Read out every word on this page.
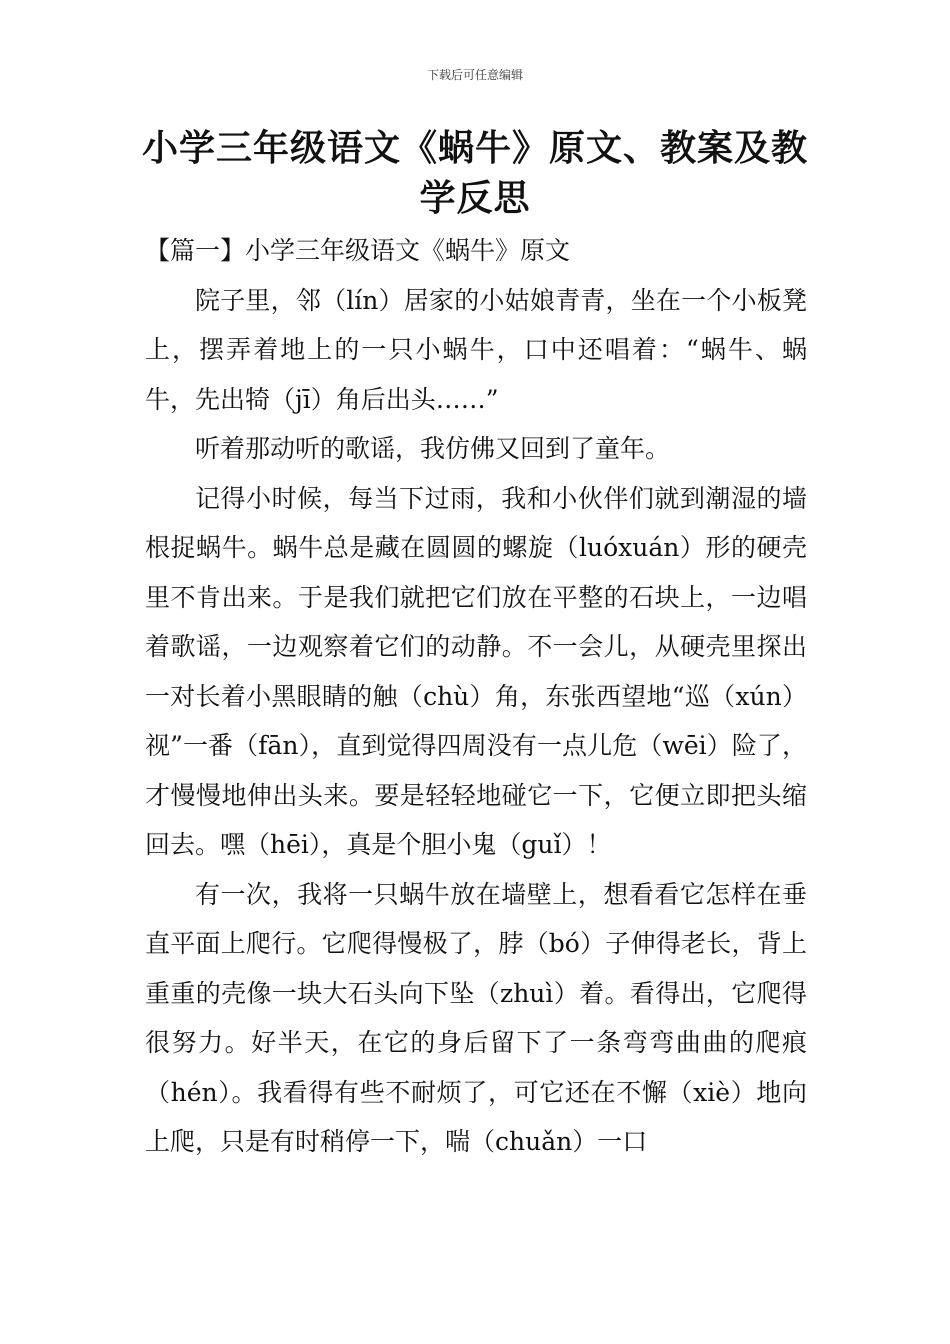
下载后可任意编辑
小学三年级语文《蜗牛》原文、教案及教学反思

【篇一】小学三年级语文《蜗牛》原文

院子里，邻（lín）居家的小姑娘青青，坐在一个小板凳上，摆弄着地上的一只小蜗牛，口中还唱着：“蜗牛、蜗牛，先出犄（jī）角后出头……”

听着那动听的歌谣，我仿佛又回到了童年。

记得小时候，每当下过雨，我和小伙伴们就到潮湿的墙根捉蜗牛。蜗牛总是藏在圆圆的螺旋（luóxuán）形的硬壳里不肯出来。于是我们就把它们放在平整的石块上，一边唱着歌谣，一边观察着它们的动静。不一会儿，从硬壳里探出一对长着小黑眼睛的触（chù）角，东张西望地“巡（xún）视”一番（fān），直到觉得四周没有一点儿危（wēi）险了，才慢慢地伸出头来。要是轻轻地碰它一下，它便立即把头缩回去。嘿（hēi），真是个胆小鬼（guǐ）！

有一次，我将一只蜗牛放在墙壁上，想看看它怎样在垂直平面上爬行。它爬得慢极了，脖（bó）子伸得老长，背上重重的壳像一块大石头向下坠（zhuì）着。看得出，它爬得很努力。好半天，在它的身后留下了一条弯弯曲曲的爬痕（hén）。我看得有些不耐烦了，可它还在不懈（xiè）地向上爬，只是有时稍停一下，喘（chuǎn）一口
